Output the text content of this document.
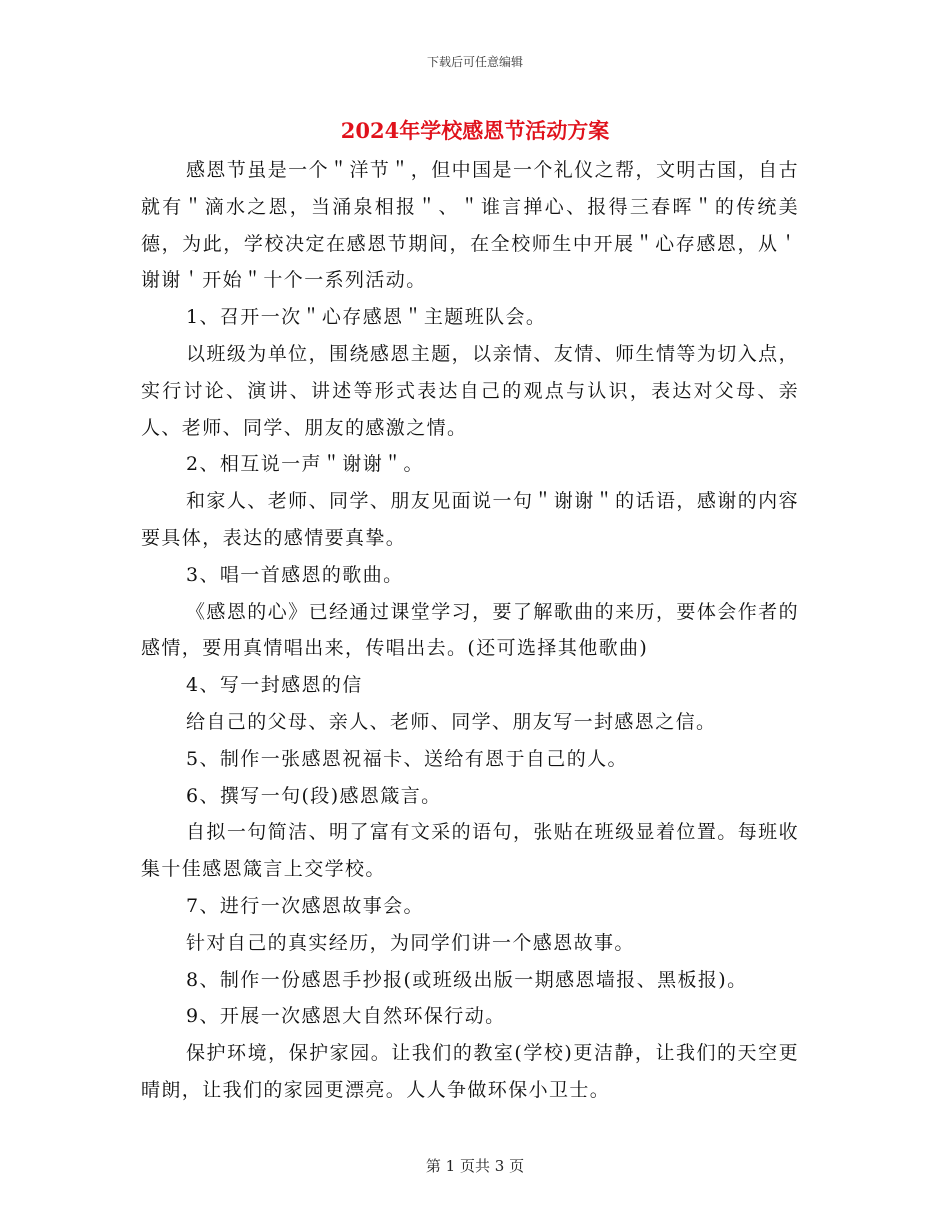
下载后可任意编辑
2024年学校感恩节活动方案

感恩节虽是一个＂洋节＂，但中国是一个礼仪之帮，文明古国，自古就有＂滴水之恩，当涌泉相报＂、＂谁言掸心、报得三春晖＂的传统美德，为此，学校决定在感恩节期间，在全校师生中开展＂心存感恩，从＇谢谢＇开始＂十个一系列活动。

1、召开一次＂心存感恩＂主题班队会。

以班级为单位，围绕感恩主题，以亲情、友情、师生情等为切入点，实行讨论、演讲、讲述等形式表达自己的观点与认识，表达对父母、亲人、老师、同学、朋友的感激之情。

2、相互说一声＂谢谢＂。

和家人、老师、同学、朋友见面说一句＂谢谢＂的话语，感谢的内容要具体，表达的感情要真挚。

3、唱一首感恩的歌曲。

《感恩的心》已经通过课堂学习，要了解歌曲的来历，要体会作者的感情，要用真情唱出来，传唱出去。(还可选择其他歌曲)

4、写一封感恩的信

给自己的父母、亲人、老师、同学、朋友写一封感恩之信。

5、制作一张感恩祝福卡、送给有恩于自己的人。

6、撰写一句(段)感恩箴言。

自拟一句简洁、明了富有文采的语句，张贴在班级显着位置。每班收集十佳感恩箴言上交学校。

7、进行一次感恩故事会。

针对自己的真实经历，为同学们讲一个感恩故事。

8、制作一份感恩手抄报(或班级出版一期感恩墙报、黑板报)。

9、开展一次感恩大自然环保行动。

保护环境，保护家园。让我们的教室(学校)更洁静，让我们的天空更晴朗，让我们的家园更漂亮。人人争做环保小卫士。

第 1 页共 3 页
